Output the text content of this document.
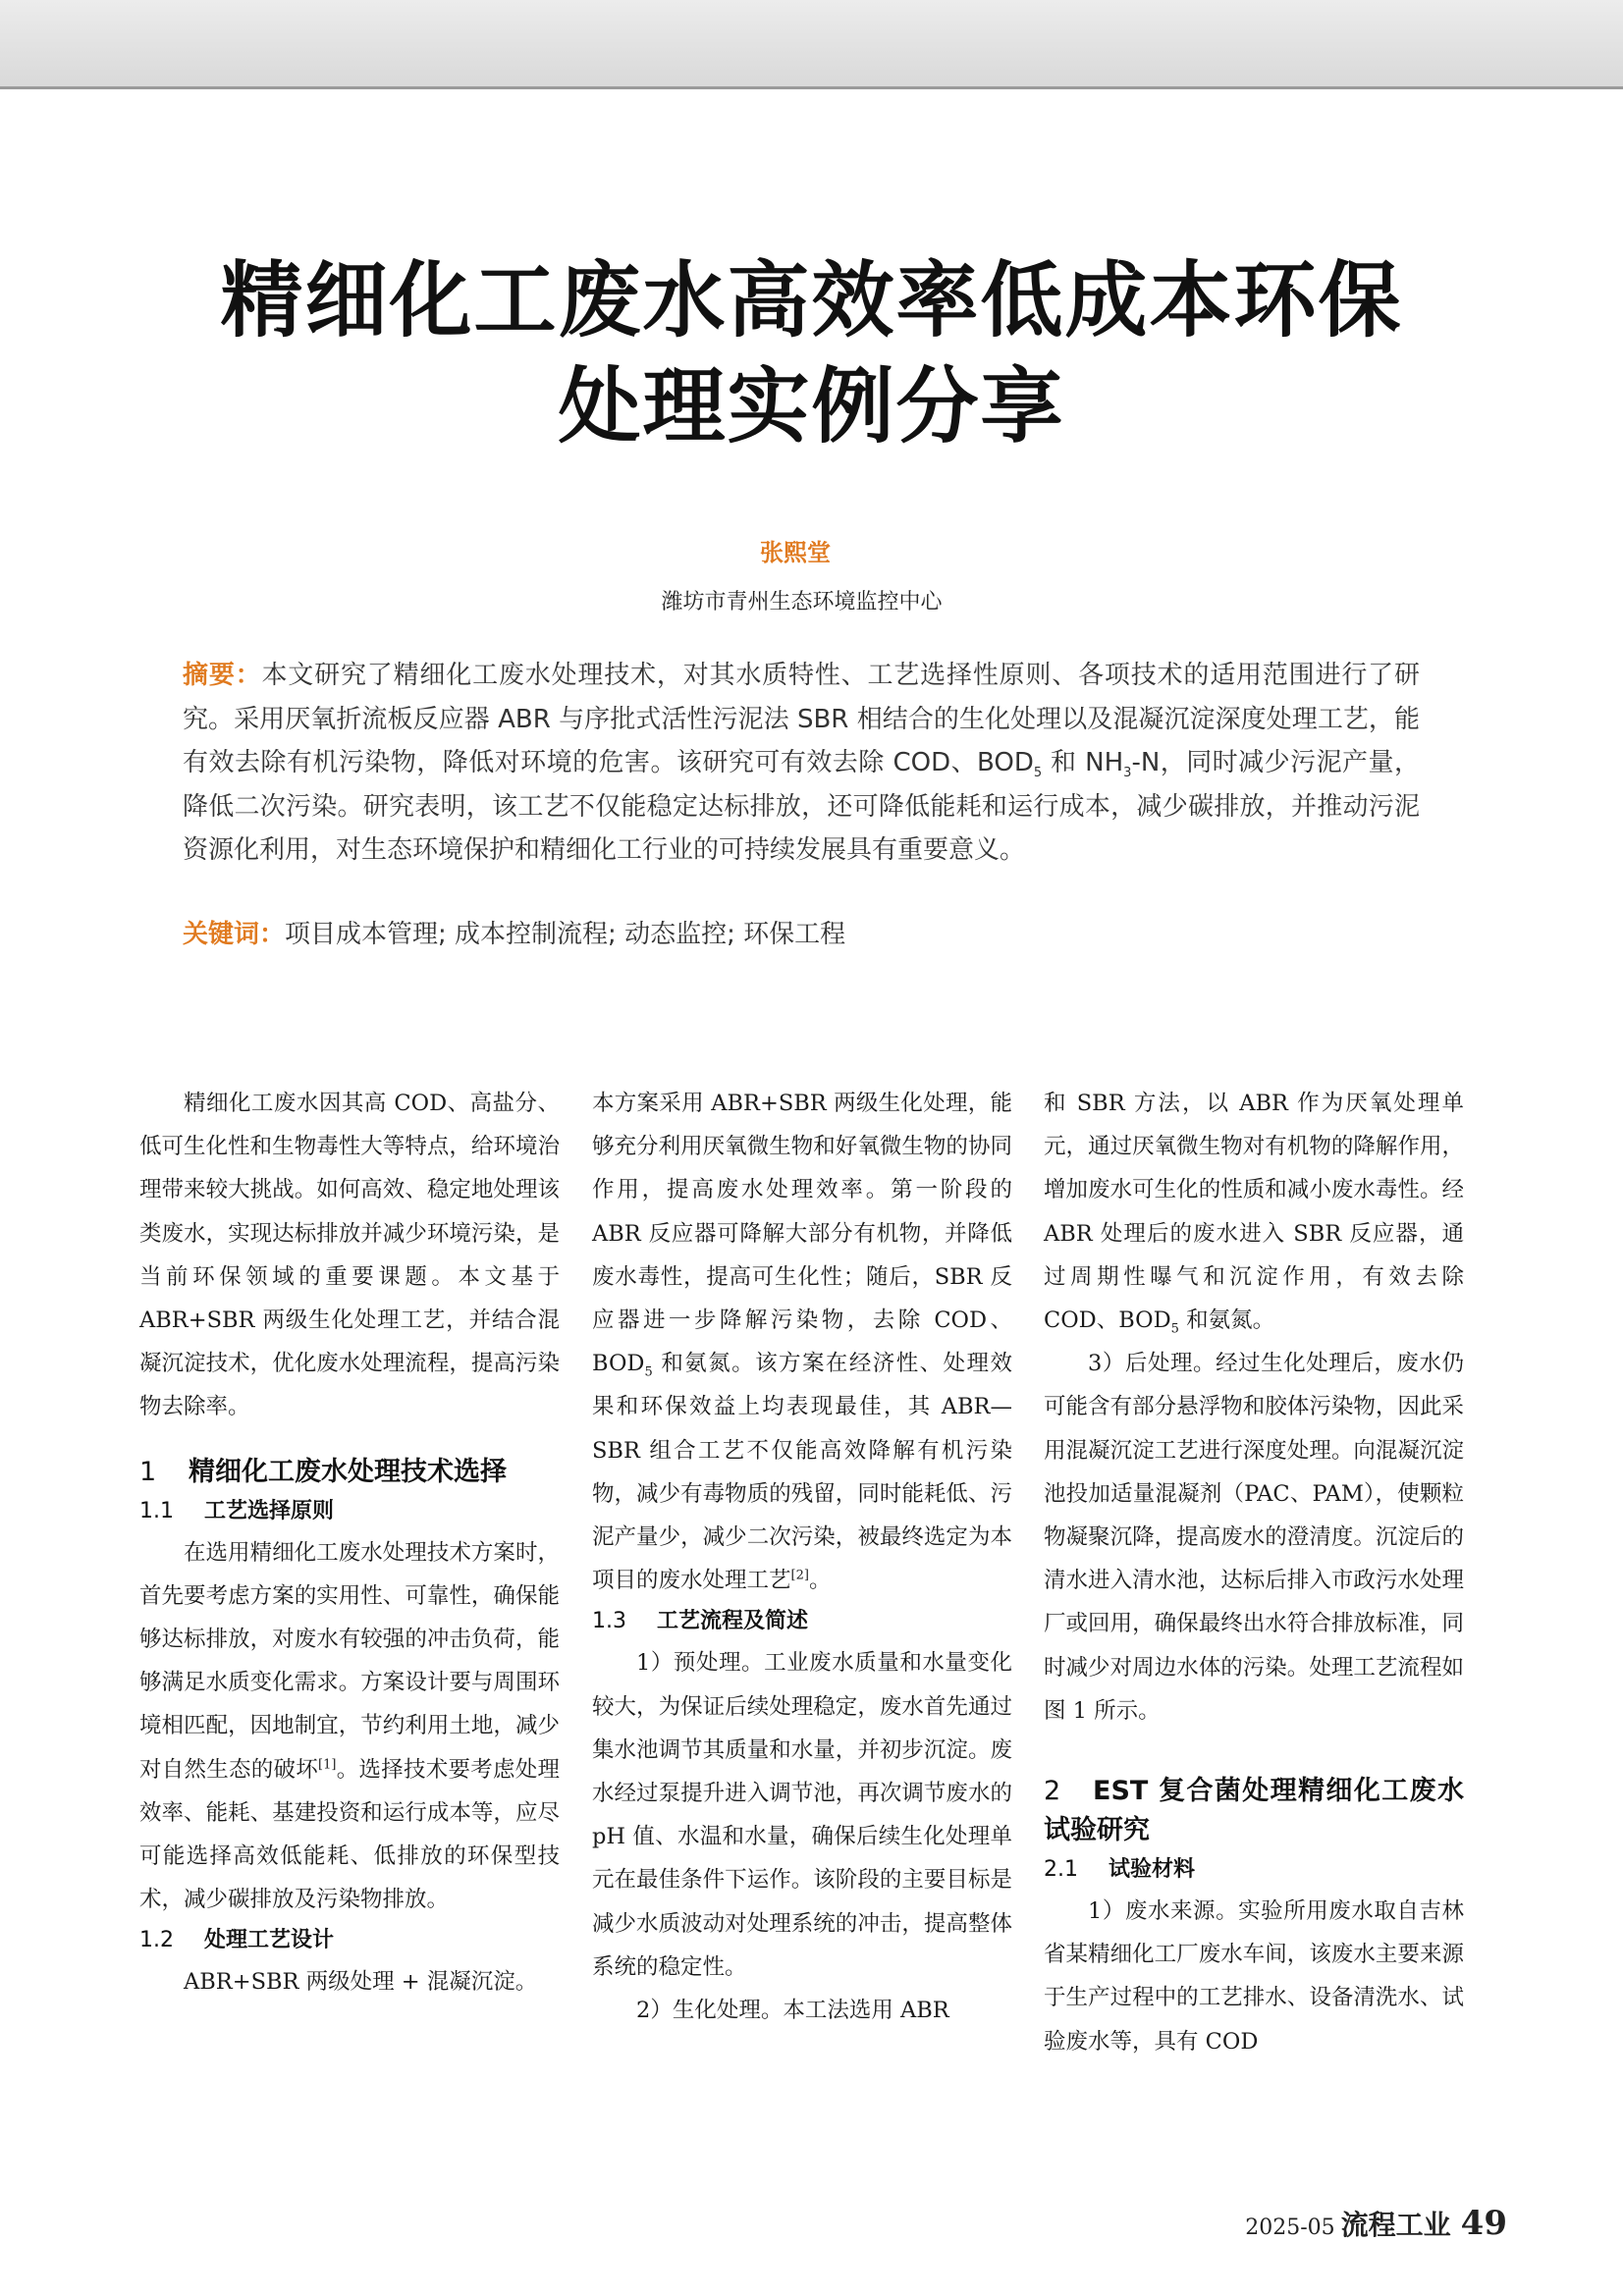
精细化工废水高效率低成本环保
处理实例分享
张熙堂
潍坊市青州生态环境监控中心
摘要：本文研究了精细化工废水处理技术，对其水质特性、工艺选择性原则、各项技术的适用范围进行了研究。采用厌氧折流板反应器 ABR 与序批式活性污泥法 SBR 相结合的生化处理以及混凝沉淀深度处理工艺，能有效去除有机污染物，降低对环境的危害。该研究可有效去除 COD、$BOD_5$ 和 $NH_3-N$，同时减少污泥产量，降低二次污染。研究表明，该工艺不仅能稳定达标排放，还可降低能耗和运行成本，减少碳排放，并推动污泥资源化利用，对生态环境保护和精细化工行业的可持续发展具有重要意义。
关键词：项目成本管理; 成本控制流程; 动态监控; 环保工程

精细化工废水因其高 COD、高盐分、低可生化性和生物毒性大等特点，给环境治理带来较大挑战。如何高效、稳定地处理该类废水，实现达标排放并减少环境污染，是当前环保领域的重要课题。本文基于 ABR+SBR 两级生化处理工艺，并结合混凝沉淀技术，优化废水处理流程，提高污染物去除率。

1 精细化工废水处理技术选择
1.1 工艺选择原则

在选用精细化工废水处理技术方案时，首先要考虑方案的实用性、可靠性，确保能够达标排放，对废水有较强的冲击负荷，能够满足水质变化需求。方案设计要与周围环境相匹配，因地制宜，节约利用土地，减少对自然生态的破坏[1]。选择技术要考虑处理效率、能耗、基建投资和运行成本等，应尽可能选择高效低能耗、低排放的环保型技术，减少碳排放及污染物排放。

1.2 处理工艺设计

ABR+SBR 两级处理 + 混凝沉淀。

本方案采用 ABR+SBR 两级生化处理，能够充分利用厌氧微生物和好氧微生物的协同作用，提高废水处理效率。第一阶段的 ABR 反应器可降解大部分有机物，并降低废水毒性，提高可生化性；随后，SBR 反应器进一步降解污染物，去除 COD、$BOD_5$ 和氨氮。该方案在经济性、处理效果和环保效益上均表现最佳，其 ABR—SBR 组合工艺不仅能高效降解有机污染物，减少有毒物质的残留，同时能耗低、污泥产量少，减少二次污染，被最终选定为本项目的废水处理工艺[2]。

1.3 工艺流程及简述

1）预处理。工业废水质量和水量变化较大，为保证后续处理稳定，废水首先通过集水池调节其质量和水量，并初步沉淀。废水经过泵提升进入调节池，再次调节废水的 pH 值、水温和水量，确保后续生化处理单元在最佳条件下运作。该阶段的主要目标是减少水质波动对处理系统的冲击，提高整体系统的稳定性。

2）生化处理。本工法选用 ABR

和 SBR 方法，以 ABR 作为厌氧处理单元，通过厌氧微生物对有机物的降解作用，增加废水可生化的性质和减小废水毒性。经 ABR 处理后的废水进入 SBR 反应器，通过周期性曝气和沉淀作用，有效去除 COD、$BOD_5$ 和氨氮。

3）后处理。经过生化处理后，废水仍可能含有部分悬浮物和胶体污染物，因此采用混凝沉淀工艺进行深度处理。向混凝沉淀池投加适量混凝剂（PAC、PAM），使颗粒物凝聚沉降，提高废水的澄清度。沉淀后的清水进入清水池，达标后排入市政污水处理厂或回用，确保最终出水符合排放标准，同时减少对周边水体的污染。处理工艺流程如图 1 所示。

2 EST 复合菌处理精细化工废水试验研究
2.1 试验材料

1）废水来源。实验所用废水取自吉林省某精细化工厂废水车间，该废水主要来源于生产过程中的工艺排水、设备清洗水、试验废水等，具有 COD

2025-05 流程工业 49
